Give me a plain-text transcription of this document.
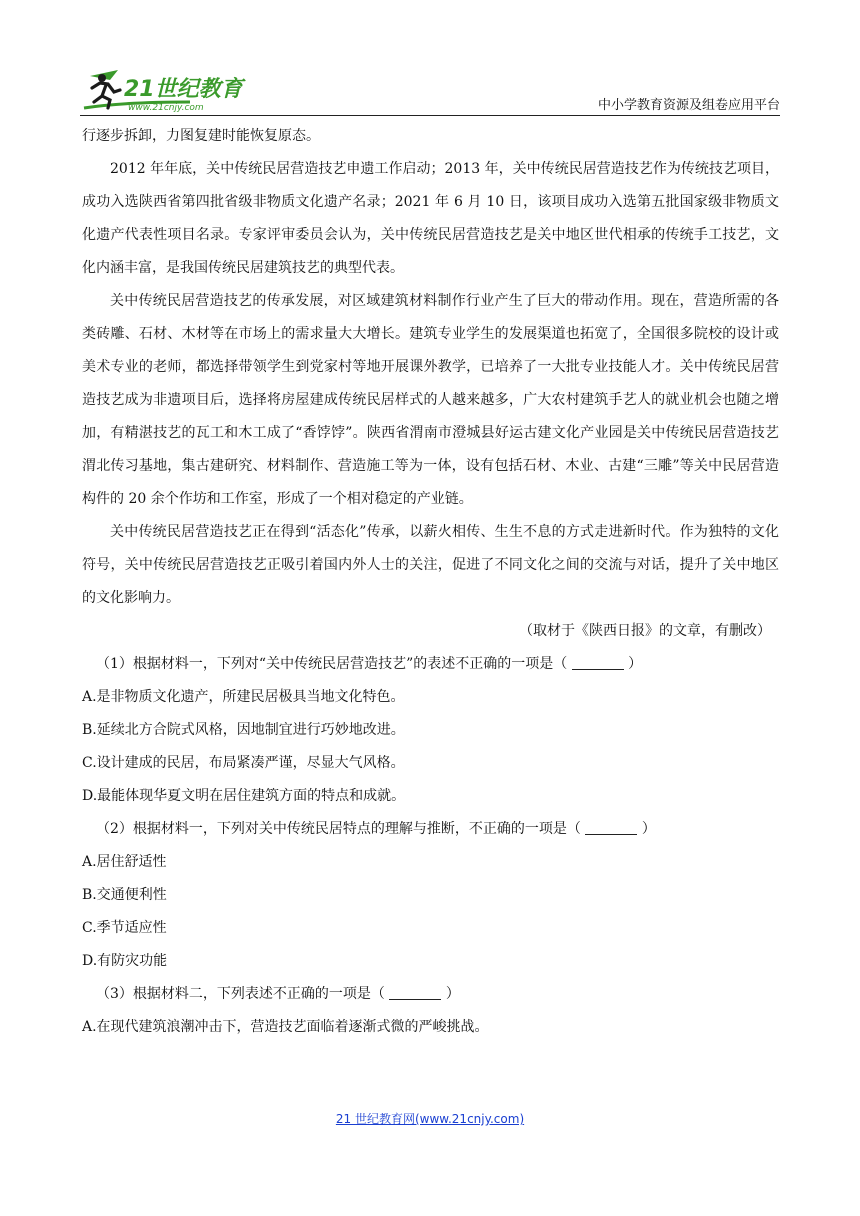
21世纪教育
www.21cnjy.com	中小学教育资源及组卷应用平台

行逐步拆卸，力图复建时能恢复原态。

2012 年年底，关中传统民居营造技艺申遗工作启动；2013 年，关中传统民居营造技艺作为传统技艺项目，成功入选陕西省第四批省级非物质文化遗产名录；2021 年 6 月 10 日，该项目成功入选第五批国家级非物质文化遗产代表性项目名录。专家评审委员会认为，关中传统民居营造技艺是关中地区世代相承的传统手工技艺，文化内涵丰富，是我国传统民居建筑技艺的典型代表。

关中传统民居营造技艺的传承发展，对区域建筑材料制作行业产生了巨大的带动作用。现在，营造所需的各类砖雕、石材、木材等在市场上的需求量大大增长。建筑专业学生的发展渠道也拓宽了，全国很多院校的设计或美术专业的老师，都选择带领学生到党家村等地开展课外教学，已培养了一大批专业技能人才。关中传统民居营造技艺成为非遗项目后，选择将房屋建成传统民居样式的人越来越多，广大农村建筑手艺人的就业机会也随之增加，有精湛技艺的瓦工和木工成了“香饽饽”。陕西省渭南市澄城县好运古建文化产业园是关中传统民居营造技艺渭北传习基地，集古建研究、材料制作、营造施工等为一体，设有包括石材、木业、古建“三雕”等关中民居营造构件的 20 余个作坊和工作室，形成了一个相对稳定的产业链。

关中传统民居营造技艺正在得到“活态化”传承，以薪火相传、生生不息的方式走进新时代。作为独特的文化符号，关中传统民居营造技艺正吸引着国内外人士的关注，促进了不同文化之间的交流与对话，提升了关中地区的文化影响力。

（取材于《陕西日报》的文章，有删改）

（1）根据材料一，下列对“关中传统民居营造技艺”的表述不正确的一项是（	）

A.是非物质文化遗产，所建民居极具当地文化特色。

B.延续北方合院式风格，因地制宜进行巧妙地改进。

C.设计建成的民居，布局紧凑严谨，尽显大气风格。

D.最能体现华夏文明在居住建筑方面的特点和成就。

（2）根据材料一，下列对关中传统民居特点的理解与推断，不正确的一项是（	）

A.居住舒适性

B.交通便利性

C.季节适应性

D.有防灾功能

（3）根据材料二，下列表述不正确的一项是（	）

A.在现代建筑浪潮冲击下，营造技艺面临着逐渐式微的严峻挑战。

21 世纪教育网(www.21cnjy.com)
